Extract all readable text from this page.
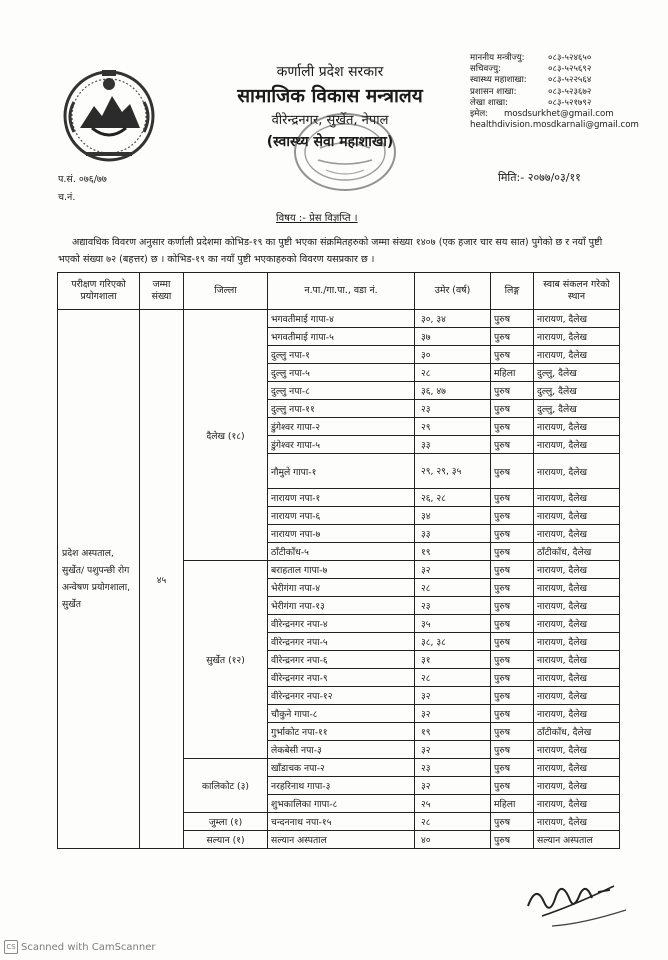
कर्णाली प्रदेश सरकार
सामाजिक विकास मन्त्रालय
वीरेन्द्रनगर, सुर्खेत, नेपाल
(स्वास्थ्य सेवा महाशाखा)
माननीय मन्त्रीज्यु:	०८३-५२४६५०
सचिवज्यु:	०८३-५२५६९२
स्वास्थ्य महाशाखा:	०८३-५२२५६४
प्रशासन शाखा:	०८३-५२३६७२
लेखा शाखा:	०८३-५२१७९२
इमेल:	mosdsurkhet@gmail.com
healthdivision.mosdkarnali@gmail.com
प.सं. ०७६/७७
च.नं.
मिति:- २०७७/०३/११
विषय :- प्रेस विज्ञप्ति ।
अद्यावधिक विवरण अनुसार कर्णाली प्रदेशमा कोभिड-१९ का पुष्टी भएका संक्रमितहरुको जम्मा संख्या १४०७ (एक हजार चार सय सात) पुगेको छ र नयाँ पुष्टी भएको संख्या ७२ (बहत्तर) छ । कोभिड-१९ का नयाँ पुष्टी भएकाहरुको विवरण यसप्रकार छ ।
परीक्षण गरिएको प्रयोगशाला	जम्मा संख्या	जिल्ला	न.पा./गा.पा., वडा नं.	उमेर (वर्ष)	लिङ्ग	स्वाब संकलन गरेको स्थान
प्रदेश अस्पताल, सुर्खेत/ पशुपन्छी रोग अन्वेषण प्रयोगशाला, सुर्खेत	४५	दैलेख (१८)	भगवतीमाई गापा-४	३०, ३४	पुरुष	नारायण, दैलेख
			भगवतीमाई गापा-५	३७	पुरुष	नारायण, दैलेख
			दुल्लु नपा-१	३०	पुरुष	नारायण, दैलेख
			दुल्लु नपा-५	२८	महिला	दुल्लु, दैलेख
			दुल्लु नपा-८	३६, ४७	पुरुष	दुल्लु, दैलेख
			दुल्लु नपा-११	२३	पुरुष	दुल्लु, दैलेख
			डुंगेश्वर गापा-२	२९	पुरुष	नारायण, दैलेख
			डुंगेश्वर गापा-५	३३	पुरुष	नारायण, दैलेख
			नौमुले गापा-१	२९, २९, ३५	पुरुष	नारायण, दैलेख
			नारायण नपा-१	२६, २८	पुरुष	नारायण, दैलेख
			नारायण नपा-६	३४	पुरुष	नारायण, दैलेख
			नारायण नपा-७	३३	पुरुष	नारायण, दैलेख
			ठाँटीकाँध-५	१९	पुरुष	ठाँटीकाँध, दैलेख
		सुर्खेत (१२)	बराहताल गापा-७	३२	पुरुष	नारायण, दैलेख
			भेरीगंगा नपा-४	२८	पुरुष	नारायण, दैलेख
			भेरीगंगा नपा-१३	२३	पुरुष	नारायण, दैलेख
			वीरेन्द्रनगर नपा-४	३५	पुरुष	नारायण, दैलेख
			वीरेन्द्रनगर नपा-५	३८, ३८	पुरुष	नारायण, दैलेख
			वीरेन्द्रनगर नपा-६	३१	पुरुष	नारायण, दैलेख
			वीरेन्द्रनगर नपा-९	२८	पुरुष	नारायण, दैलेख
			वीरेन्द्रनगर नपा-१२	३२	पुरुष	नारायण, दैलेख
			चौकुने गापा-८	३२	पुरुष	नारायण, दैलेख
			गुर्भाकोट नपा-११	१९	पुरुष	ठाँटीकाँध, दैलेख
			लेकबेसी नपा-३	३२	पुरुष	नारायण, दैलेख
		कालिकोट (३)	खाँडाचक नपा-२	२३	पुरुष	नारायण, दैलेख
			नरहरिनाथ गापा-३	३२	पुरुष	नारायण, दैलेख
			शुभकालिका गापा-८	२५	महिला	नारायण, दैलेख
		जुम्ला (१)	चन्दननाथ नपा-१५	२८	पुरुष	नारायण, दैलेख
		सल्यान (१)	सल्यान अस्पताल	४०	पुरुष	सल्यान अस्पताल
CS Scanned with CamScanner
